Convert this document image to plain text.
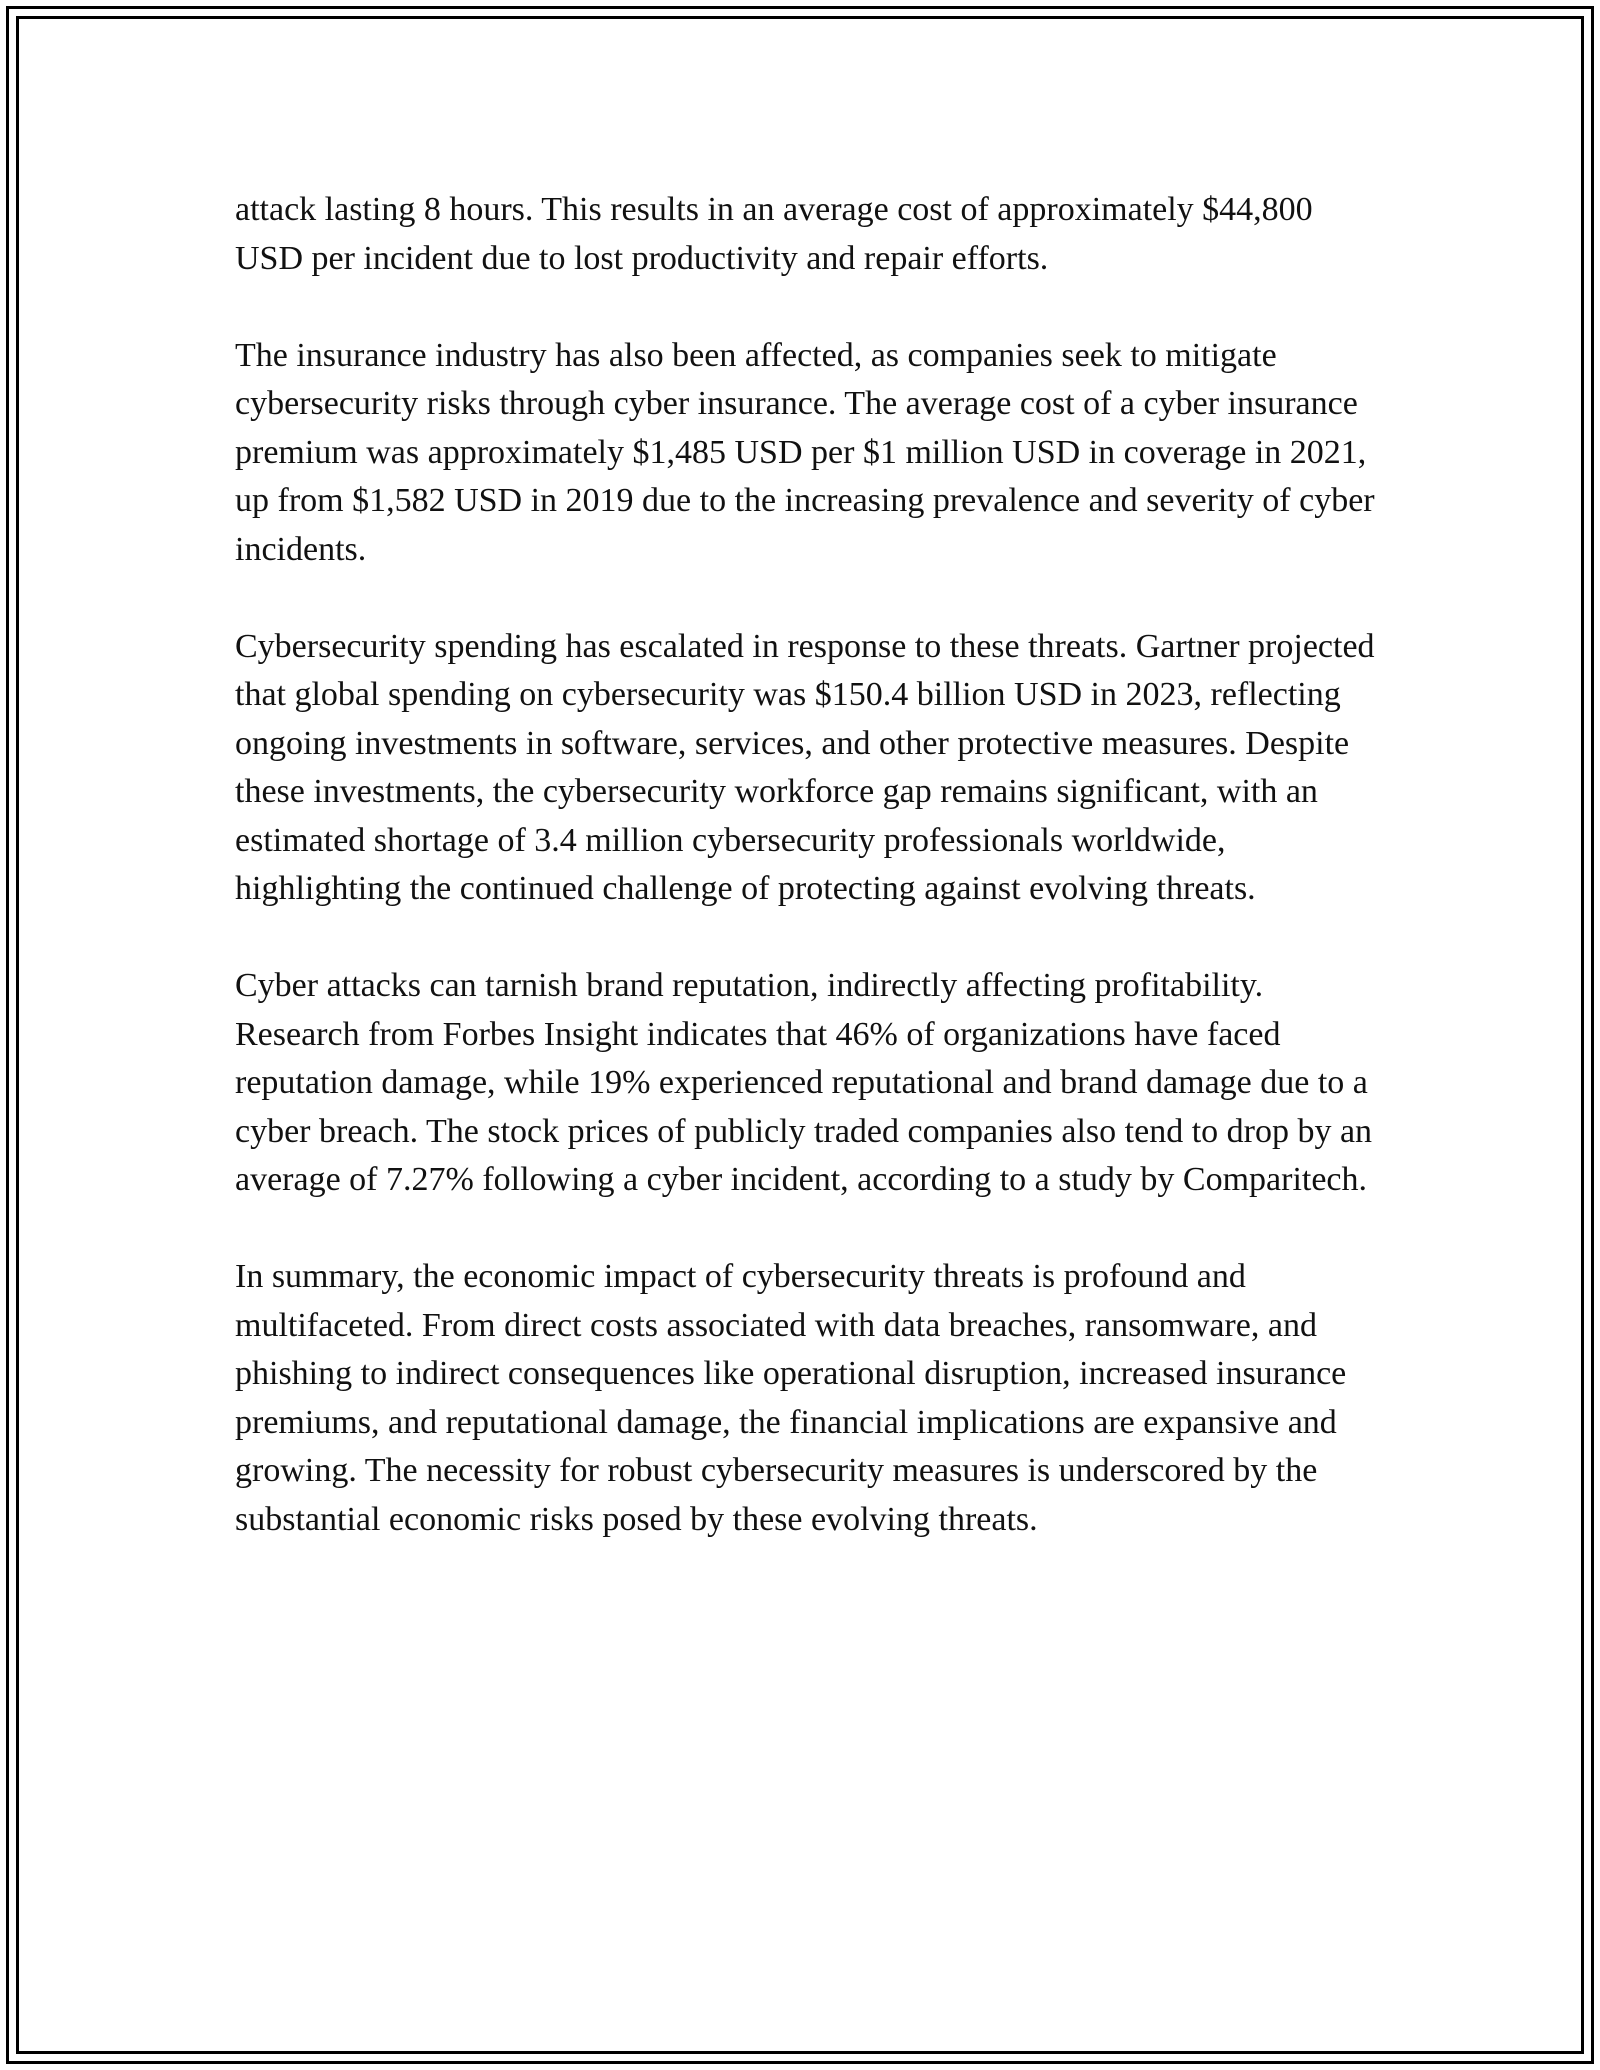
attack lasting 8 hours. This results in an average cost of approximately $44,800 USD per incident due to lost productivity and repair efforts.

The insurance industry has also been affected, as companies seek to mitigate cybersecurity risks through cyber insurance. The average cost of a cyber insurance premium was approximately $1,485 USD per $1 million USD in coverage in 2021, up from $1,582 USD in 2019 due to the increasing prevalence and severity of cyber incidents.

Cybersecurity spending has escalated in response to these threats. Gartner projected that global spending on cybersecurity was $150.4 billion USD in 2023, reflecting ongoing investments in software, services, and other protective measures. Despite these investments, the cybersecurity workforce gap remains significant, with an estimated shortage of 3.4 million cybersecurity professionals worldwide, highlighting the continued challenge of protecting against evolving threats.

Cyber attacks can tarnish brand reputation, indirectly affecting profitability. Research from Forbes Insight indicates that 46% of organizations have faced reputation damage, while 19% experienced reputational and brand damage due to a cyber breach. The stock prices of publicly traded companies also tend to drop by an average of 7.27% following a cyber incident, according to a study by Comparitech.

In summary, the economic impact of cybersecurity threats is profound and multifaceted. From direct costs associated with data breaches, ransomware, and phishing to indirect consequences like operational disruption, increased insurance premiums, and reputational damage, the financial implications are expansive and growing. The necessity for robust cybersecurity measures is underscored by the substantial economic risks posed by these evolving threats.
